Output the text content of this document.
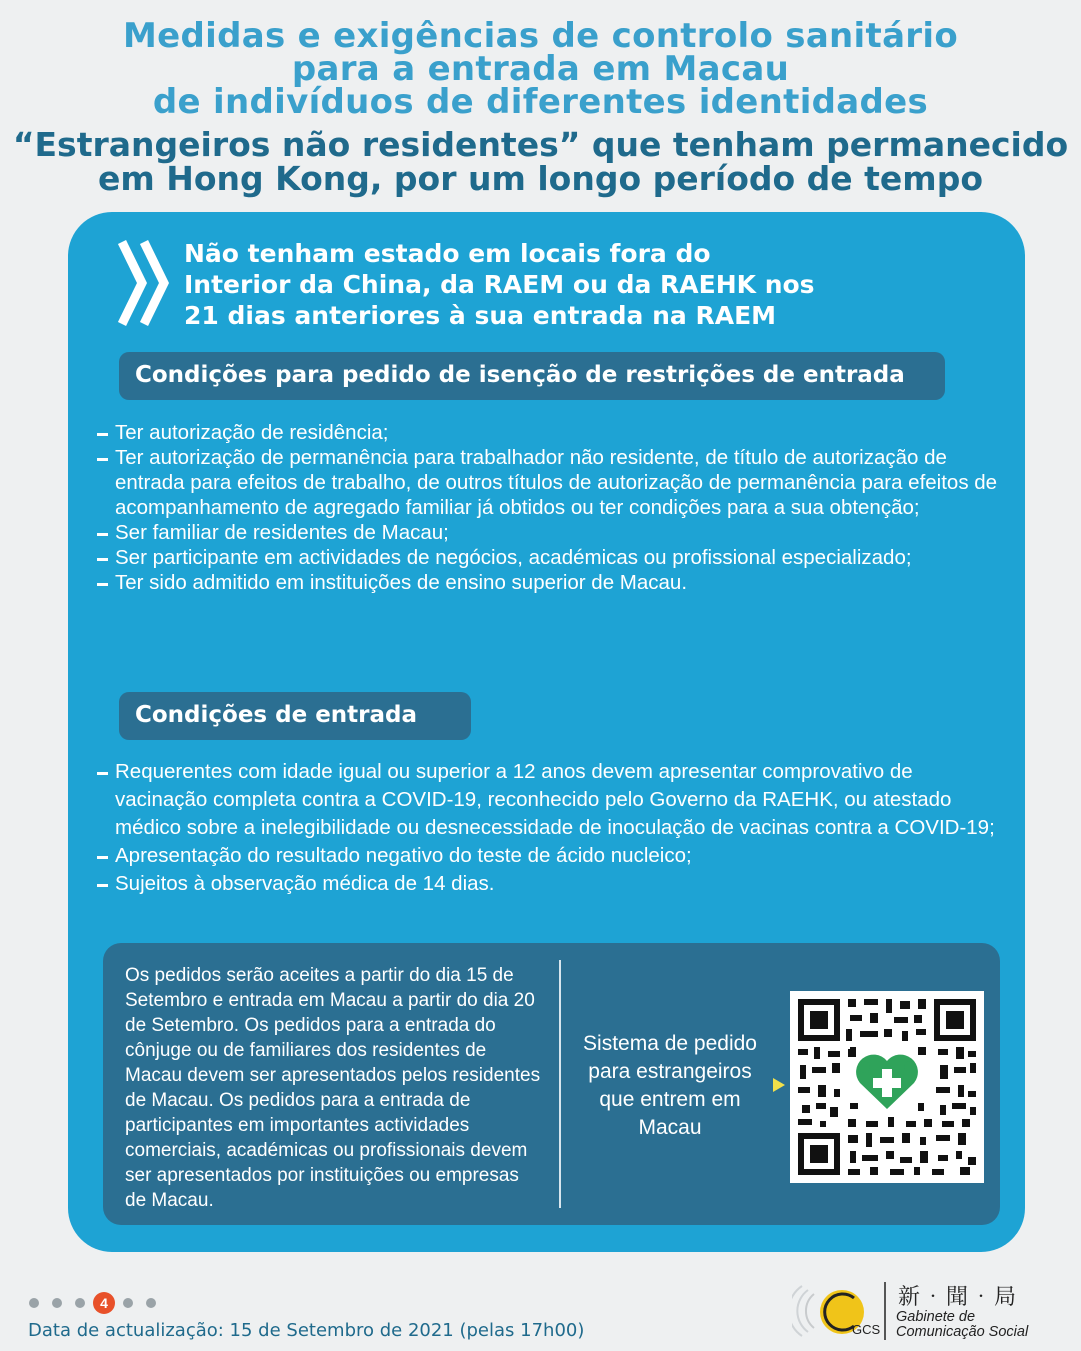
Medidas e exigências de controlo sanitário
para a entrada em Macau
de indivíduos de diferentes identidades
“Estrangeiros não residentes” que tenham permanecido
em Hong Kong, por um longo período de tempo
Não tenham estado em locais fora do
Interior da China, da RAEM ou da RAEHK nos
21 dias anteriores à sua entrada na RAEM
Condições para pedido de isenção de restrições de entrada
Ter autorização de residência;
Ter autorização de permanência para trabalhador não residente, de título de autorização de entrada para efeitos de trabalho, de outros títulos de autorização de permanência para efeitos de acompanhamento de agregado familiar já obtidos ou ter condições para a sua obtenção;
Ser familiar de residentes de Macau;
Ser participante em actividades de negócios, académicas ou profissional especializado;
Ter sido admitido em instituições de ensino superior de Macau.
Condições de entrada
Requerentes com idade igual ou superior a 12 anos devem apresentar comprovativo de vacinação completa contra a COVID-19, reconhecido pelo Governo da RAEHK, ou atestado médico sobre a inelegibilidade ou desnecessidade de inoculação de vacinas contra a COVID-19;
Apresentação do resultado negativo do teste de ácido nucleico;
Sujeitos à observação médica de 14 dias.
Os pedidos serão aceites a partir do dia 15 de Setembro e entrada em Macau a partir do dia 20 de Setembro. Os pedidos para a entrada do cônjuge ou de familiares dos residentes de Macau devem ser apresentados pelos residentes de Macau. Os pedidos para a entrada de participantes em importantes actividades comerciais, académicas ou profissionais devem ser apresentados por instituições ou empresas de Macau.
Sistema de pedido para estrangeiros que entrem em Macau
4
Data de actualização: 15 de Setembro de 2021 (pelas 17h00)	GCS
新‧聞‧局
Gabinete de
Comunicação Social
